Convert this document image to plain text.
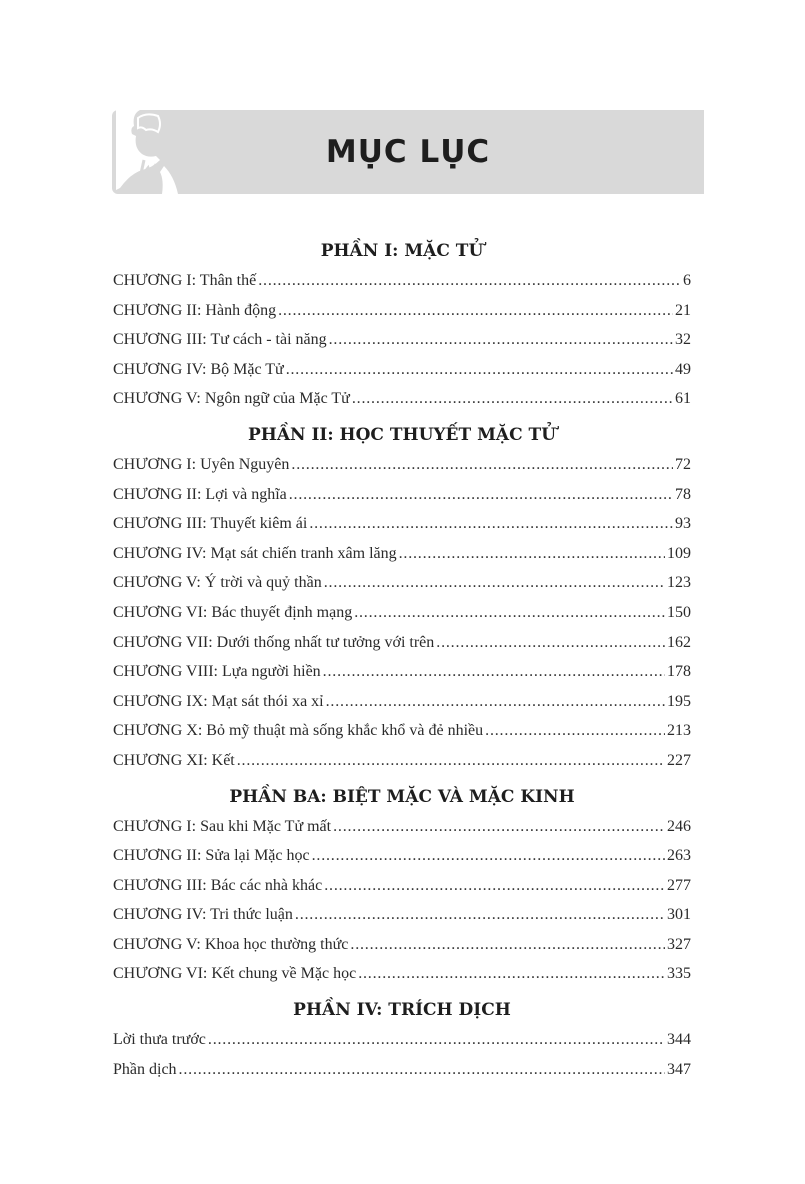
MỤC LỤC
PHẦN I: MẶC TỬ
CHƯƠNG I: Thân thế . . .	6
CHƯƠNG II: Hành động . . .	21
CHƯƠNG III: Tư cách - tài năng . . .	32
CHƯƠNG IV: Bộ Mặc Tử . . .	49
CHƯƠNG V: Ngôn ngữ của Mặc Tử . . .	61
PHẦN II: HỌC THUYẾT MẶC TỬ
CHƯƠNG I: Uyên Nguyên . . .	72
CHƯƠNG II: Lợi và nghĩa . . .	78
CHƯƠNG III: Thuyết kiêm ái . . .	93
CHƯƠNG IV: Mạt sát chiến tranh xâm lăng . . .	109
CHƯƠNG V: Ý trời và quỷ thần . . .	123
CHƯƠNG VI: Bác thuyết định mạng . . .	150
CHƯƠNG VII: Dưới thống nhất tư tưởng với trên . . .	162
CHƯƠNG VIII: Lựa người hiền . . .	178
CHƯƠNG IX: Mạt sát thói xa xỉ . . .	195
CHƯƠNG X: Bỏ mỹ thuật mà sống khắc khổ và đẻ nhiều . . .	213
CHƯƠNG XI: Kết . . .	227
PHẦN BA: BIỆT MẶC VÀ MẶC KINH
CHƯƠNG I: Sau khi Mặc Tử mất . . .	246
CHƯƠNG II: Sửa lại Mặc học . . .	263
CHƯƠNG III: Bác các nhà khác . . .	277
CHƯƠNG IV: Tri thức luận . . .	301
CHƯƠNG V: Khoa học thường thức . . .	327
CHƯƠNG VI: Kết chung về Mặc học . . .	335
PHẦN IV: TRÍCH DỊCH
Lời thưa trước . . .	344
Phần dịch . . .	347
